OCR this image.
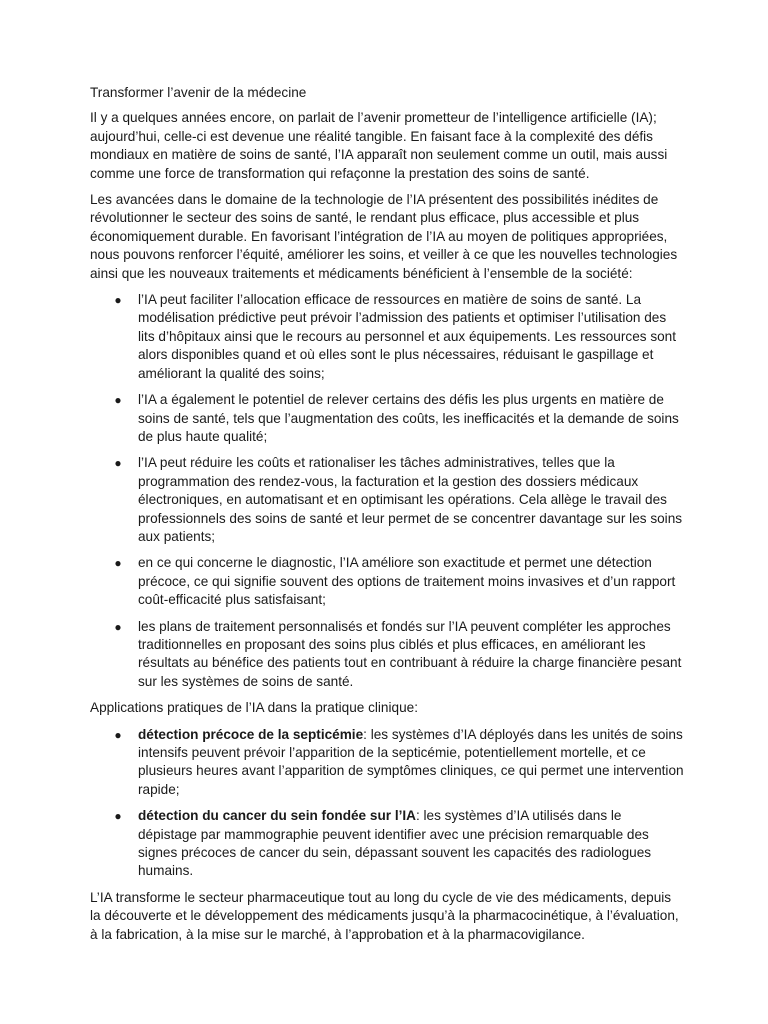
Transformer l’avenir de la médecine

Il y a quelques années encore, on parlait de l’avenir prometteur de l’intelligence artificielle (IA); aujourd’hui, celle-ci est devenue une réalité tangible. En faisant face à la complexité des défis mondiaux en matière de soins de santé, l’IA apparaît non seulement comme un outil, mais aussi comme une force de transformation qui refaçonne la prestation des soins de santé.

Les avancées dans le domaine de la technologie de l’IA présentent des possibilités inédites de révolutionner le secteur des soins de santé, le rendant plus efficace, plus accessible et plus économiquement durable. En favorisant l’intégration de l’IA au moyen de politiques appropriées, nous pouvons renforcer l’équité, améliorer les soins, et veiller à ce que les nouvelles technologies ainsi que les nouveaux traitements et médicaments bénéficient à l’ensemble de la société:

● l’IA peut faciliter l’allocation efficace de ressources en matière de soins de santé. La modélisation prédictive peut prévoir l’admission des patients et optimiser l’utilisation des lits d’hôpitaux ainsi que le recours au personnel et aux équipements. Les ressources sont alors disponibles quand et où elles sont le plus nécessaires, réduisant le gaspillage et améliorant la qualité des soins;
● l’IA a également le potentiel de relever certains des défis les plus urgents en matière de soins de santé, tels que l’augmentation des coûts, les inefficacités et la demande de soins de plus haute qualité;
● l’IA peut réduire les coûts et rationaliser les tâches administratives, telles que la programmation des rendez-vous, la facturation et la gestion des dossiers médicaux électroniques, en automatisant et en optimisant les opérations. Cela allège le travail des professionnels des soins de santé et leur permet de se concentrer davantage sur les soins aux patients;
● en ce qui concerne le diagnostic, l’IA améliore son exactitude et permet une détection précoce, ce qui signifie souvent des options de traitement moins invasives et d’un rapport coût-efficacité plus satisfaisant;
● les plans de traitement personnalisés et fondés sur l’IA peuvent compléter les approches traditionnelles en proposant des soins plus ciblés et plus efficaces, en améliorant les résultats au bénéfice des patients tout en contribuant à réduire la charge financière pesant sur les systèmes de soins de santé.

Applications pratiques de l’IA dans la pratique clinique:

● détection précoce de la septicémie: les systèmes d’IA déployés dans les unités de soins intensifs peuvent prévoir l’apparition de la septicémie, potentiellement mortelle, et ce plusieurs heures avant l’apparition de symptômes cliniques, ce qui permet une intervention rapide;
● détection du cancer du sein fondée sur l’IA: les systèmes d’IA utilisés dans le dépistage par mammographie peuvent identifier avec une précision remarquable des signes précoces de cancer du sein, dépassant souvent les capacités des radiologues humains.

L’IA transforme le secteur pharmaceutique tout au long du cycle de vie des médicaments, depuis la découverte et le développement des médicaments jusqu’à la pharmacocinétique, à l’évaluation, à la fabrication, à la mise sur le marché, à l’approbation et à la pharmacovigilance.
